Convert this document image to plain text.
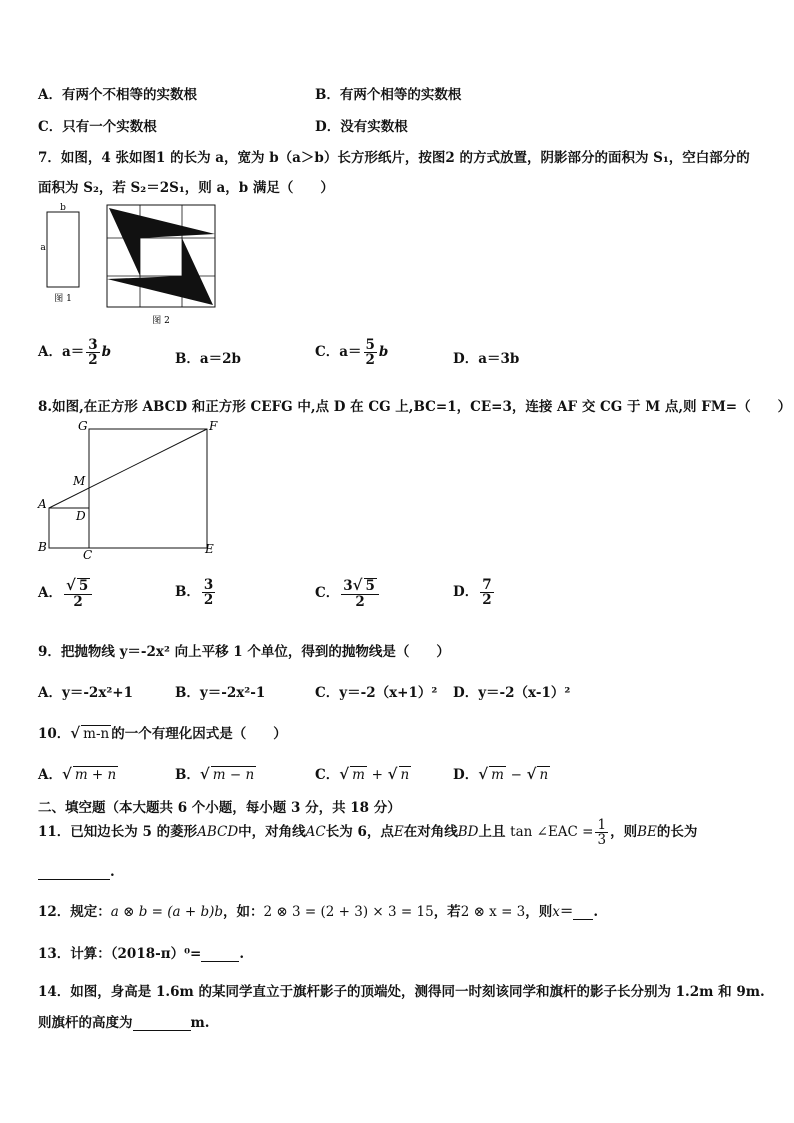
A．有两个不相等的实数根	B．有两个相等的实数根
C．只有一个实数根	D．没有实数根
7．如图，4 张如图1 的长为 a，宽为 b（a＞b）长方形纸片，按图2 的方式放置，阴影部分的面积为 S₁，空白部分的
面积为 S₂，若 S₂＝2S₁，则 a，b 满足（　　）
b
a
图 1
图 2
A．$a= \frac{3}{2}$ b	B．a＝2b	C．$a= \frac{5}{2}$ b	D．a＝3b
8.如图,在正方形 ABCD 和正方形 CEFG 中,点 D 在 CG 上,BC=1，CE=3，连接 AF 交 CG 于 M 点,则 FM=（　　）
G	F
M
A
D
B
C	E
A． $\frac{√ 5}{2}$	B． $\frac{3}{2}$	C． $\frac{3√ 5}{2}$	D． $\frac{7}{2}$
9．把抛物线 y＝-2x² 向上平移 1 个单位，得到的抛物线是（　　）
A．y＝-2x²+1	B．y＝-2x²-1	C．y＝-2（x+1）² D．y＝-2（x-1）²
10．√ m-n 的一个有理化因式是（　　）
A．√ m + n	B．√ m − n	C．√ m + √ n	D．√ m − √ n
二、填空题（本大题共 6 个小题，每小题 3 分，共 18 分）
11．已知边长为 5 的菱形ABCD中，对角线AC长为 6，点E在对角线BD上且 tan ∠EAC = $\frac{1}{3}$ ，则BE的长为
.
12．规定：a ⊗ b = (a + b)b，如：2 ⊗ 3 = (2 + 3) × 3 = 15，若2 ⊗ x = 3，则x＝ .
13．计算：（2018-π）⁰=	.
14．如图，身高是 1.6m 的某同学直立于旗杆影子的顶端处，测得同一时刻该同学和旗杆的影子长分别为 1.2m 和 9m.
则旗杆的高度为	m.
